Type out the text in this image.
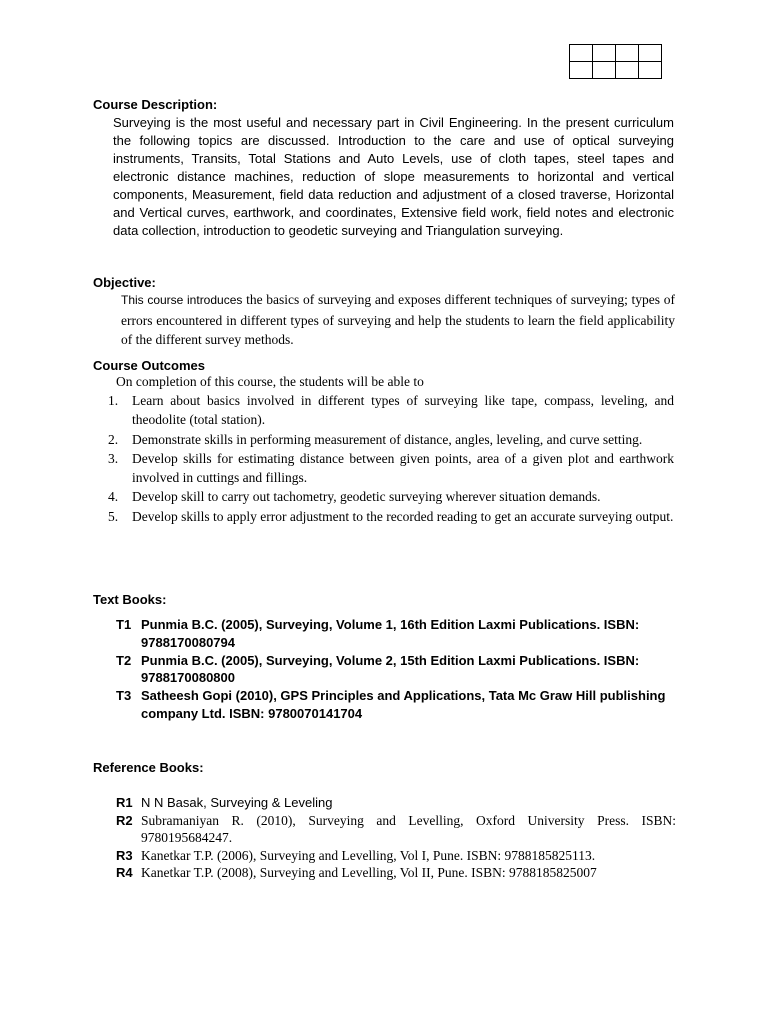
Course Description:

Surveying is the most useful and necessary part in Civil Engineering. In the present curriculum the following topics are discussed. Introduction to the care and use of optical surveying instruments, Transits, Total Stations and Auto Levels, use of cloth tapes, steel tapes and electronic distance machines, reduction of slope measurements to horizontal and vertical components, Measurement, field data reduction and adjustment of a closed traverse, Horizontal and Vertical curves, earthwork, and coordinates, Extensive field work, field notes and electronic data collection, introduction to geodetic surveying and Triangulation surveying.

Objective:

This course introduces the basics of surveying and exposes different techniques of surveying; types of errors encountered in different types of surveying and help the students to learn the field applicability of the different survey methods.

Course Outcomes

On completion of this course, the students will be able to

1. Learn about basics involved in different types of surveying like tape, compass, leveling, and theodolite (total station).
2. Demonstrate skills in performing measurement of distance, angles, leveling, and curve setting.
3. Develop skills for estimating distance between given points, area of a given plot and earthwork involved in cuttings and fillings.
4. Develop skill to carry out tachometry, geodetic surveying wherever situation demands.
5. Develop skills to apply error adjustment to the recorded reading to get an accurate surveying output.
Text Books:
T1 Punmia B.C. (2005), Surveying, Volume 1, 16th Edition Laxmi Publications. ISBN: 9788170080794
T2 Punmia B.C. (2005), Surveying, Volume 2, 15th Edition Laxmi Publications. ISBN: 9788170080800
T3 Satheesh Gopi (2010), GPS Principles and Applications, Tata Mc Graw Hill publishing company Ltd. ISBN: 9780070141704
Reference Books:
R1 N N Basak, Surveying & Leveling
R2 Subramaniyan R. (2010), Surveying and Levelling, Oxford University Press. ISBN: 9780195684247.
R3 Kanetkar T.P. (2006), Surveying and Levelling, Vol I, Pune. ISBN: 9788185825113.
R4 Kanetkar T.P. (2008), Surveying and Levelling, Vol II, Pune. ISBN: 9788185825007
